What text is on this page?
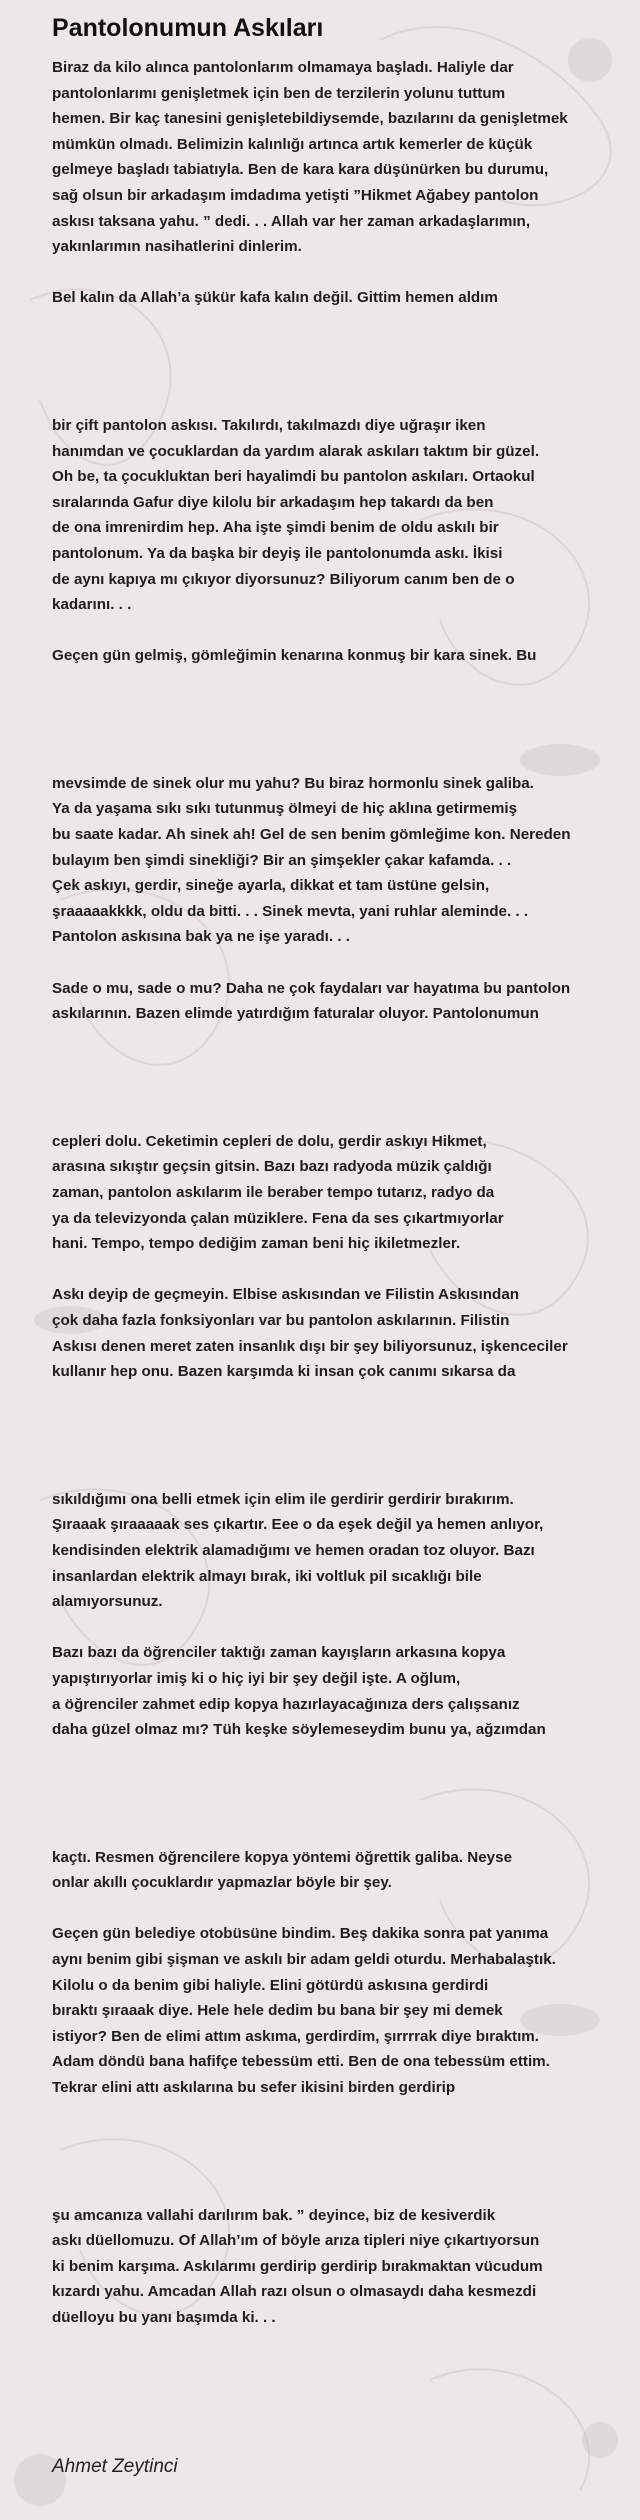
Pantolonumun Askıları
Biraz da kilo alınca pantolonlarım olmamaya başladı. Haliyle dar
pantolonlarımı genişletmek için ben de terzilerin yolunu tuttum
hemen. Bir kaç tanesini genişletebildiysemde, bazılarını da genişletmek
mümkün olmadı. Belimizin kalınlığı artınca artık kemerler de küçük
gelmeye başladı tabiatıyla. Ben de kara kara düşünürken bu durumu,
sağ olsun bir arkadaşım imdadıma yetişti ”Hikmet Ağabey pantolon
askısı taksana yahu. ” dedi. . . Allah var her zaman arkadaşlarımın,
yakınlarımın nasihatlerini dinlerim.
Bel kalın da Allah’a şükür kafa kalın değil. Gittim hemen aldım
bir çift pantolon askısı. Takılırdı, takılmazdı diye uğraşır iken
hanımdan ve çocuklardan da yardım alarak askıları taktım bir güzel.
Oh be, ta çocukluktan beri hayalimdi bu pantolon askıları. Ortaokul
sıralarında Gafur diye kilolu bir arkadaşım hep takardı da ben
de ona imrenirdim hep. Aha işte şimdi benim de oldu askılı bir
pantolonum. Ya da başka bir deyiş ile pantolonumda askı. İkisi
de aynı kapıya mı çıkıyor diyorsunuz? Biliyorum canım ben de o
kadarını. . .
Geçen gün gelmiş, gömleğimin kenarına konmuş bir kara sinek. Bu
mevsimde de sinek olur mu yahu? Bu biraz hormonlu sinek galiba.
Ya da yaşama sıkı sıkı tutunmuş ölmeyi de hiç aklına getirmemiş
bu saate kadar. Ah sinek ah! Gel de sen benim gömleğime kon. Nereden
bulayım ben şimdi sinekliği? Bir an şimşekler çakar kafamda. . .
Çek askıyı, gerdir, sineğe ayarla, dikkat et tam üstüne gelsin,
şraaaaakkkk, oldu da bitti. . . Sinek mevta, yani ruhlar aleminde. . .
Pantolon askısına bak ya ne işe yaradı. . .
Sade o mu, sade o mu? Daha ne çok faydaları var hayatıma bu pantolon
askılarının. Bazen elimde yatırdığım faturalar oluyor. Pantolonumun
cepleri dolu. Ceketimin cepleri de dolu, gerdir askıyı Hikmet,
arasına sıkıştır geçsin gitsin. Bazı bazı radyoda müzik çaldığı
zaman, pantolon askılarım ile beraber tempo tutarız, radyo da
ya da televizyonda çalan müziklere. Fena da ses çıkartmıyorlar
hani. Tempo, tempo dediğim zaman beni hiç ikiletmezler.
Askı deyip de geçmeyin. Elbise askısından ve Filistin Askısından
çok daha fazla fonksiyonları var bu pantolon askılarının. Filistin
Askısı denen meret zaten insanlık dışı bir şey biliyorsunuz, işkenceciler
kullanır hep onu. Bazen karşımda ki insan çok canımı sıkarsa da
sıkıldığımı ona belli etmek için elim ile gerdirir gerdirir bırakırım.
Şıraaak şıraaaaak ses çıkartır. Eee o da eşek değil ya hemen anlıyor,
kendisinden elektrik alamadığımı ve hemen oradan toz oluyor. Bazı
insanlardan elektrik almayı bırak, iki voltluk pil sıcaklığı bile
alamıyorsunuz.
Bazı bazı da öğrenciler taktığı zaman kayışların arkasına kopya
yapıştırıyorlar imiş ki o hiç iyi bir şey değil işte. A oğlum,
a öğrenciler zahmet edip kopya hazırlayacağınıza ders çalışsanız
daha güzel olmaz mı? Tüh keşke söylemeseydim bunu ya, ağzımdan
kaçtı. Resmen öğrencilere kopya yöntemi öğrettik galiba. Neyse
onlar akıllı çocuklardır yapmazlar böyle bir şey.
Geçen gün belediye otobüsüne bindim. Beş dakika sonra pat yanıma
aynı benim gibi şişman ve askılı bir adam geldi oturdu. Merhabalaştık.
Kilolu o da benim gibi haliyle. Elini götürdü askısına gerdirdi
bıraktı şıraaak diye. Hele hele dedim bu bana bir şey mi demek
istiyor? Ben de elimi attım askıma, gerdirdim, şırrrrak diye bıraktım.
Adam döndü bana hafifçe tebessüm etti. Ben de ona tebessüm ettim.
Tekrar elini attı askılarına bu sefer ikisini birden gerdirip
şu amcanıza vallahi darılırım bak. ” deyince, biz de kesiverdik
askı düellomuzu. Of Allah’ım of böyle arıza tipleri niye çıkartıyorsun
ki benim karşıma. Askılarımı gerdirip gerdirip bırakmaktan vücudum
kızardı yahu. Amcadan Allah razı olsun o olmasaydı daha kesmezdi
düelloyu bu yanı başımda ki. . .
Ahmet Zeytinci
